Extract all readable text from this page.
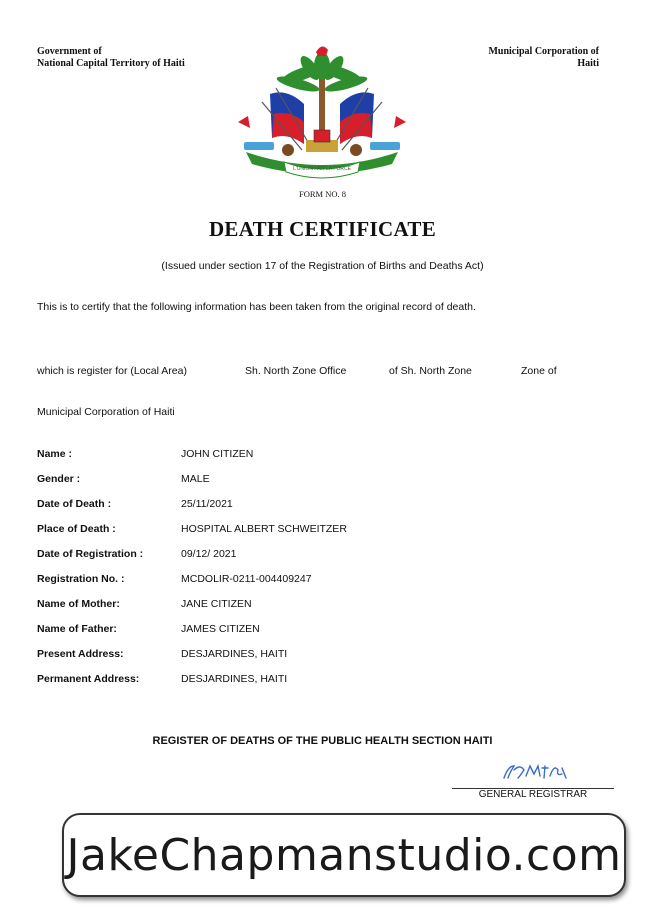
Government of
National Capital Territory of Haiti
Municipal Corporation of
Haiti
L'UNION FAIT LA FORCE
FORM NO. 8
DEATH CERTIFICATE
(Issued under section 17 of the Registration of Births and Deaths Act)
This is to certify that the following information has been taken from the original record of death.
which is register for (Local Area)	Sh. North Zone Office	of Sh. North Zone	Zone of
Municipal Corporation of Haiti
Name :	JOHN CITIZEN
Gender :	MALE
Date of Death :	25/11/2021
Place of Death :	HOSPITAL ALBERT SCHWEITZER
Date of Registration :	09/12/ 2021
Registration No. :	MCDOLIR-0211-004409247
Name of Mother:	JANE CITIZEN
Name of Father:	JAMES CITIZEN
Present Address:	DESJARDINES, HAITI
Permanent Address:	DESJARDINES, HAITI
REGISTER OF DEATHS OF THE PUBLIC HEALTH SECTION HAITI
GENERAL REGISTRAR
JakeChapmanstudio.com
